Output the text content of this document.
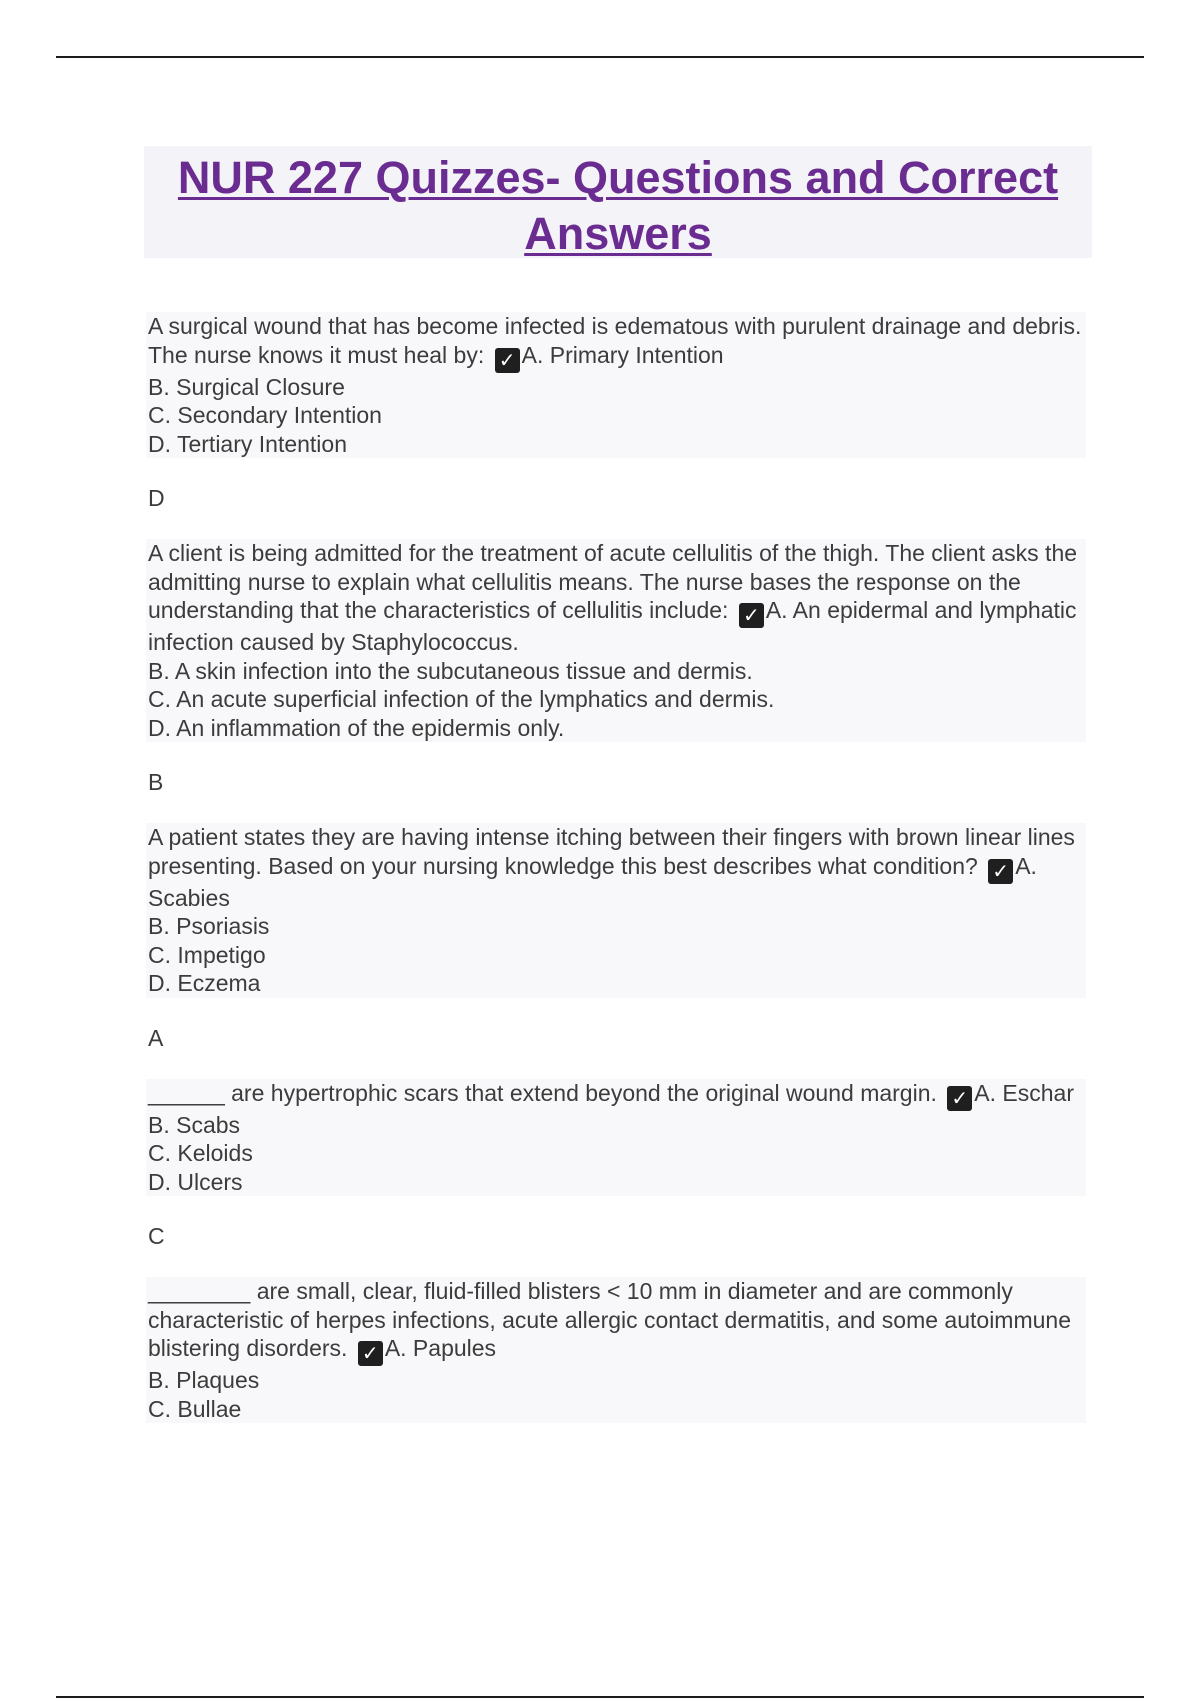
NUR 227 Quizzes- Questions and Correct Answers
A surgical wound that has become infected is edematous with purulent drainage and debris. The nurse knows it must heal by: ✓ A. Primary Intention
B. Surgical Closure
C. Secondary Intention
D. Tertiary Intention
D
A client is being admitted for the treatment of acute cellulitis of the thigh. The client asks the admitting nurse to explain what cellulitis means. The nurse bases the response on the understanding that the characteristics of cellulitis include: ✓ A. An epidermal and lymphatic infection caused by Staphylococcus.
B. A skin infection into the subcutaneous tissue and dermis.
C. An acute superficial infection of the lymphatics and dermis.
D. An inflammation of the epidermis only.
B
A patient states they are having intense itching between their fingers with brown linear lines presenting. Based on your nursing knowledge this best describes what condition? ✓ A. Scabies
B. Psoriasis
C. Impetigo
D. Eczema
A
______ are hypertrophic scars that extend beyond the original wound margin. ✓ A. Eschar
B. Scabs
C. Keloids
D. Ulcers
C
________ are small, clear, fluid-filled blisters < 10 mm in diameter and are commonly characteristic of herpes infections, acute allergic contact dermatitis, and some autoimmune blistering disorders. ✓ A. Papules
B. Plaques
C. Bullae
